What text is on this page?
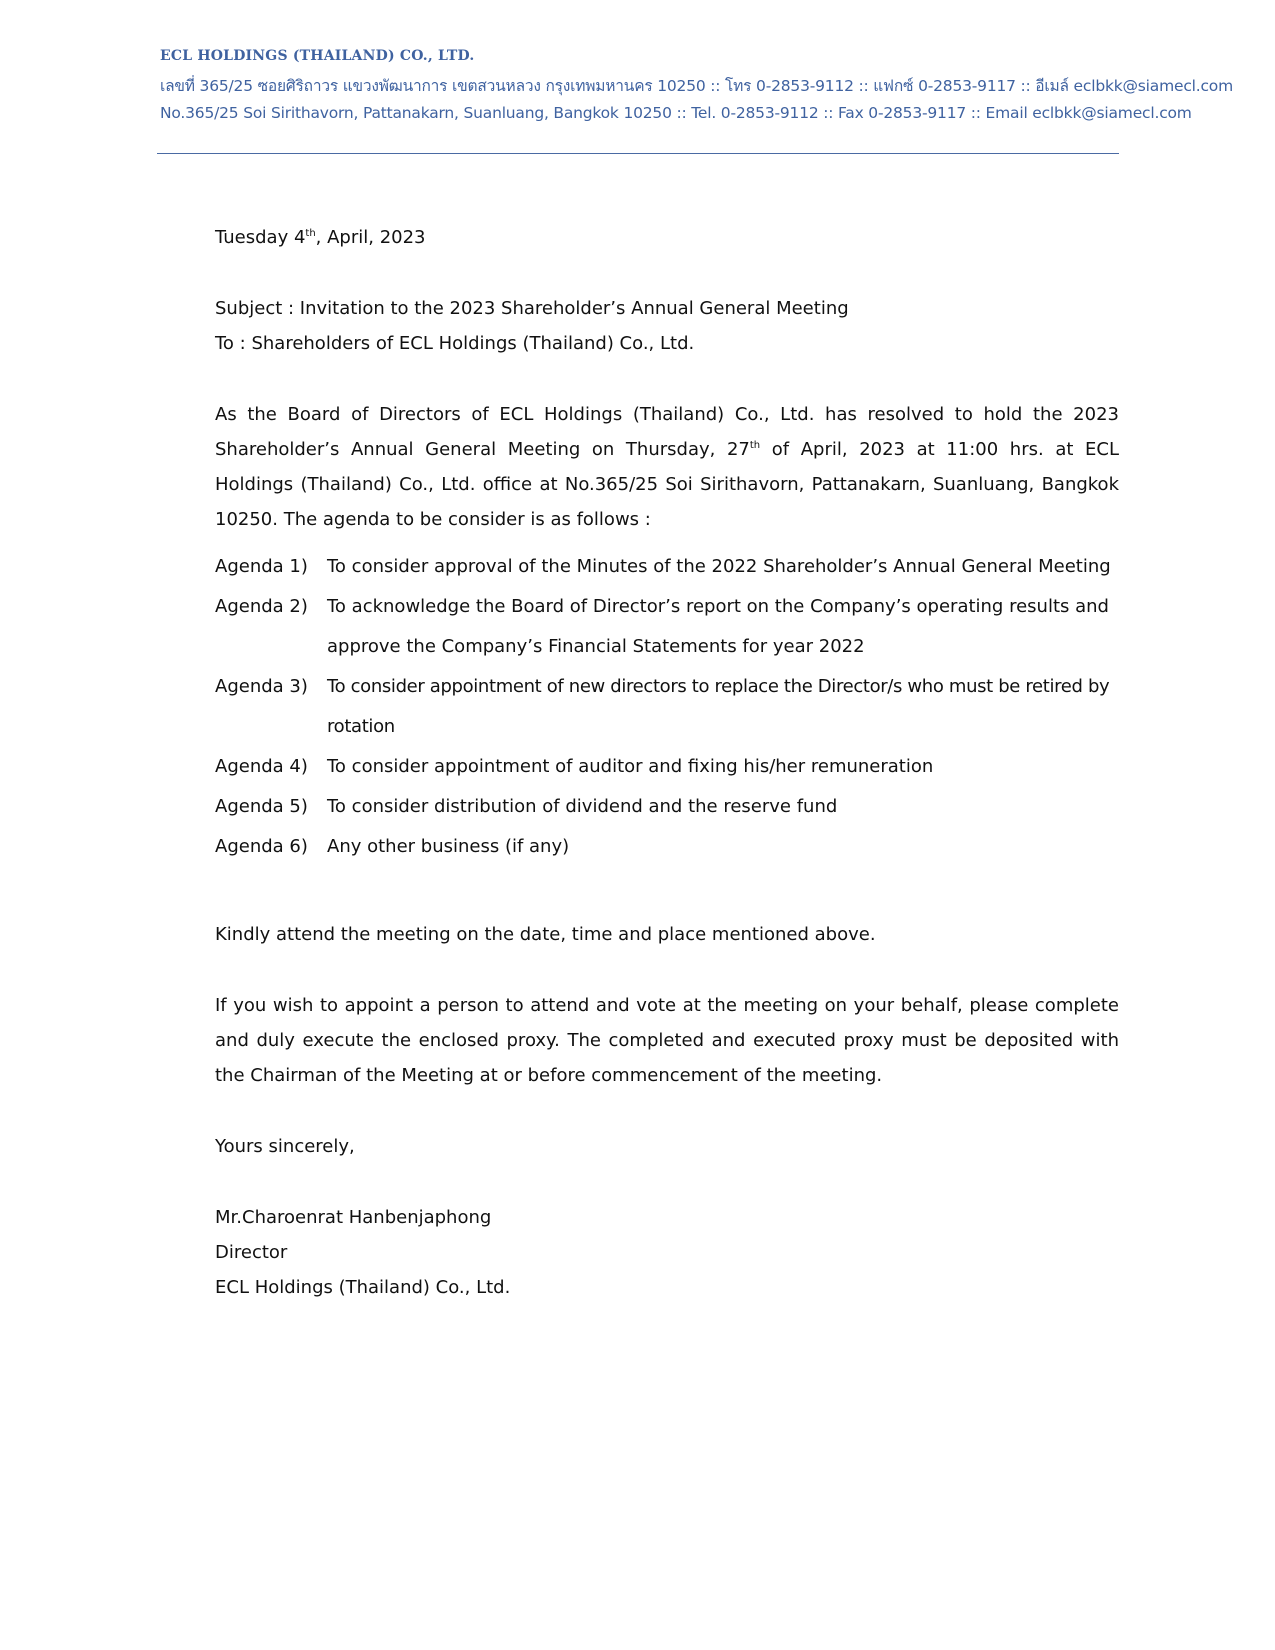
ECL HOLDINGS (THAILAND) CO., LTD.
เลขที่ 365/25 ซอยศิริถาวร แขวงพัฒนาการ เขตสวนหลวง กรุงเทพมหานคร 10250 :: โทร 0-2853-9112 :: แฟกซ์ 0-2853-9117 :: อีเมล์ eclbkk@siamecl.com
No.365/25 Soi Sirithavorn, Pattanakarn, Suanluang, Bangkok 10250 :: Tel. 0-2853-9112 :: Fax 0-2853-9117 :: Email eclbkk@siamecl.com

Tuesday 4th, April, 2023

Subject : Invitation to the 2023 Shareholder’s Annual General Meeting

To : Shareholders of ECL Holdings (Thailand) Co., Ltd.

As the Board of Directors of ECL Holdings (Thailand) Co., Ltd. has resolved to hold the 2023 Shareholder’s Annual General Meeting on Thursday, 27th of April, 2023 at 11:00 hrs. at ECL Holdings (Thailand) Co., Ltd. office at No.365/25 Soi Sirithavorn, Pattanakarn, Suanluang, Bangkok 10250. The agenda to be consider is as follows :

Agenda 1)	To consider approval of the Minutes of the 2022 Shareholder’s Annual General Meeting
Agenda 2)	To acknowledge the Board of Director’s report on the Company’s operating results and approve the Company’s Financial Statements for year 2022
Agenda 3)	To consider appointment of new directors to replace the Director/s who must be retired by rotation
Agenda 4)	To consider appointment of auditor and fixing his/her remuneration
Agenda 5)	To consider distribution of dividend and the reserve fund
Agenda 6)	Any other business (if any)

Kindly attend the meeting on the date, time and place mentioned above.

If you wish to appoint a person to attend and vote at the meeting on your behalf, please complete and duly execute the enclosed proxy. The completed and executed proxy must be deposited with the Chairman of the Meeting at or before commencement of the meeting.

Yours sincerely,

Mr.Charoenrat Hanbenjaphong

Director

ECL Holdings (Thailand) Co., Ltd.
